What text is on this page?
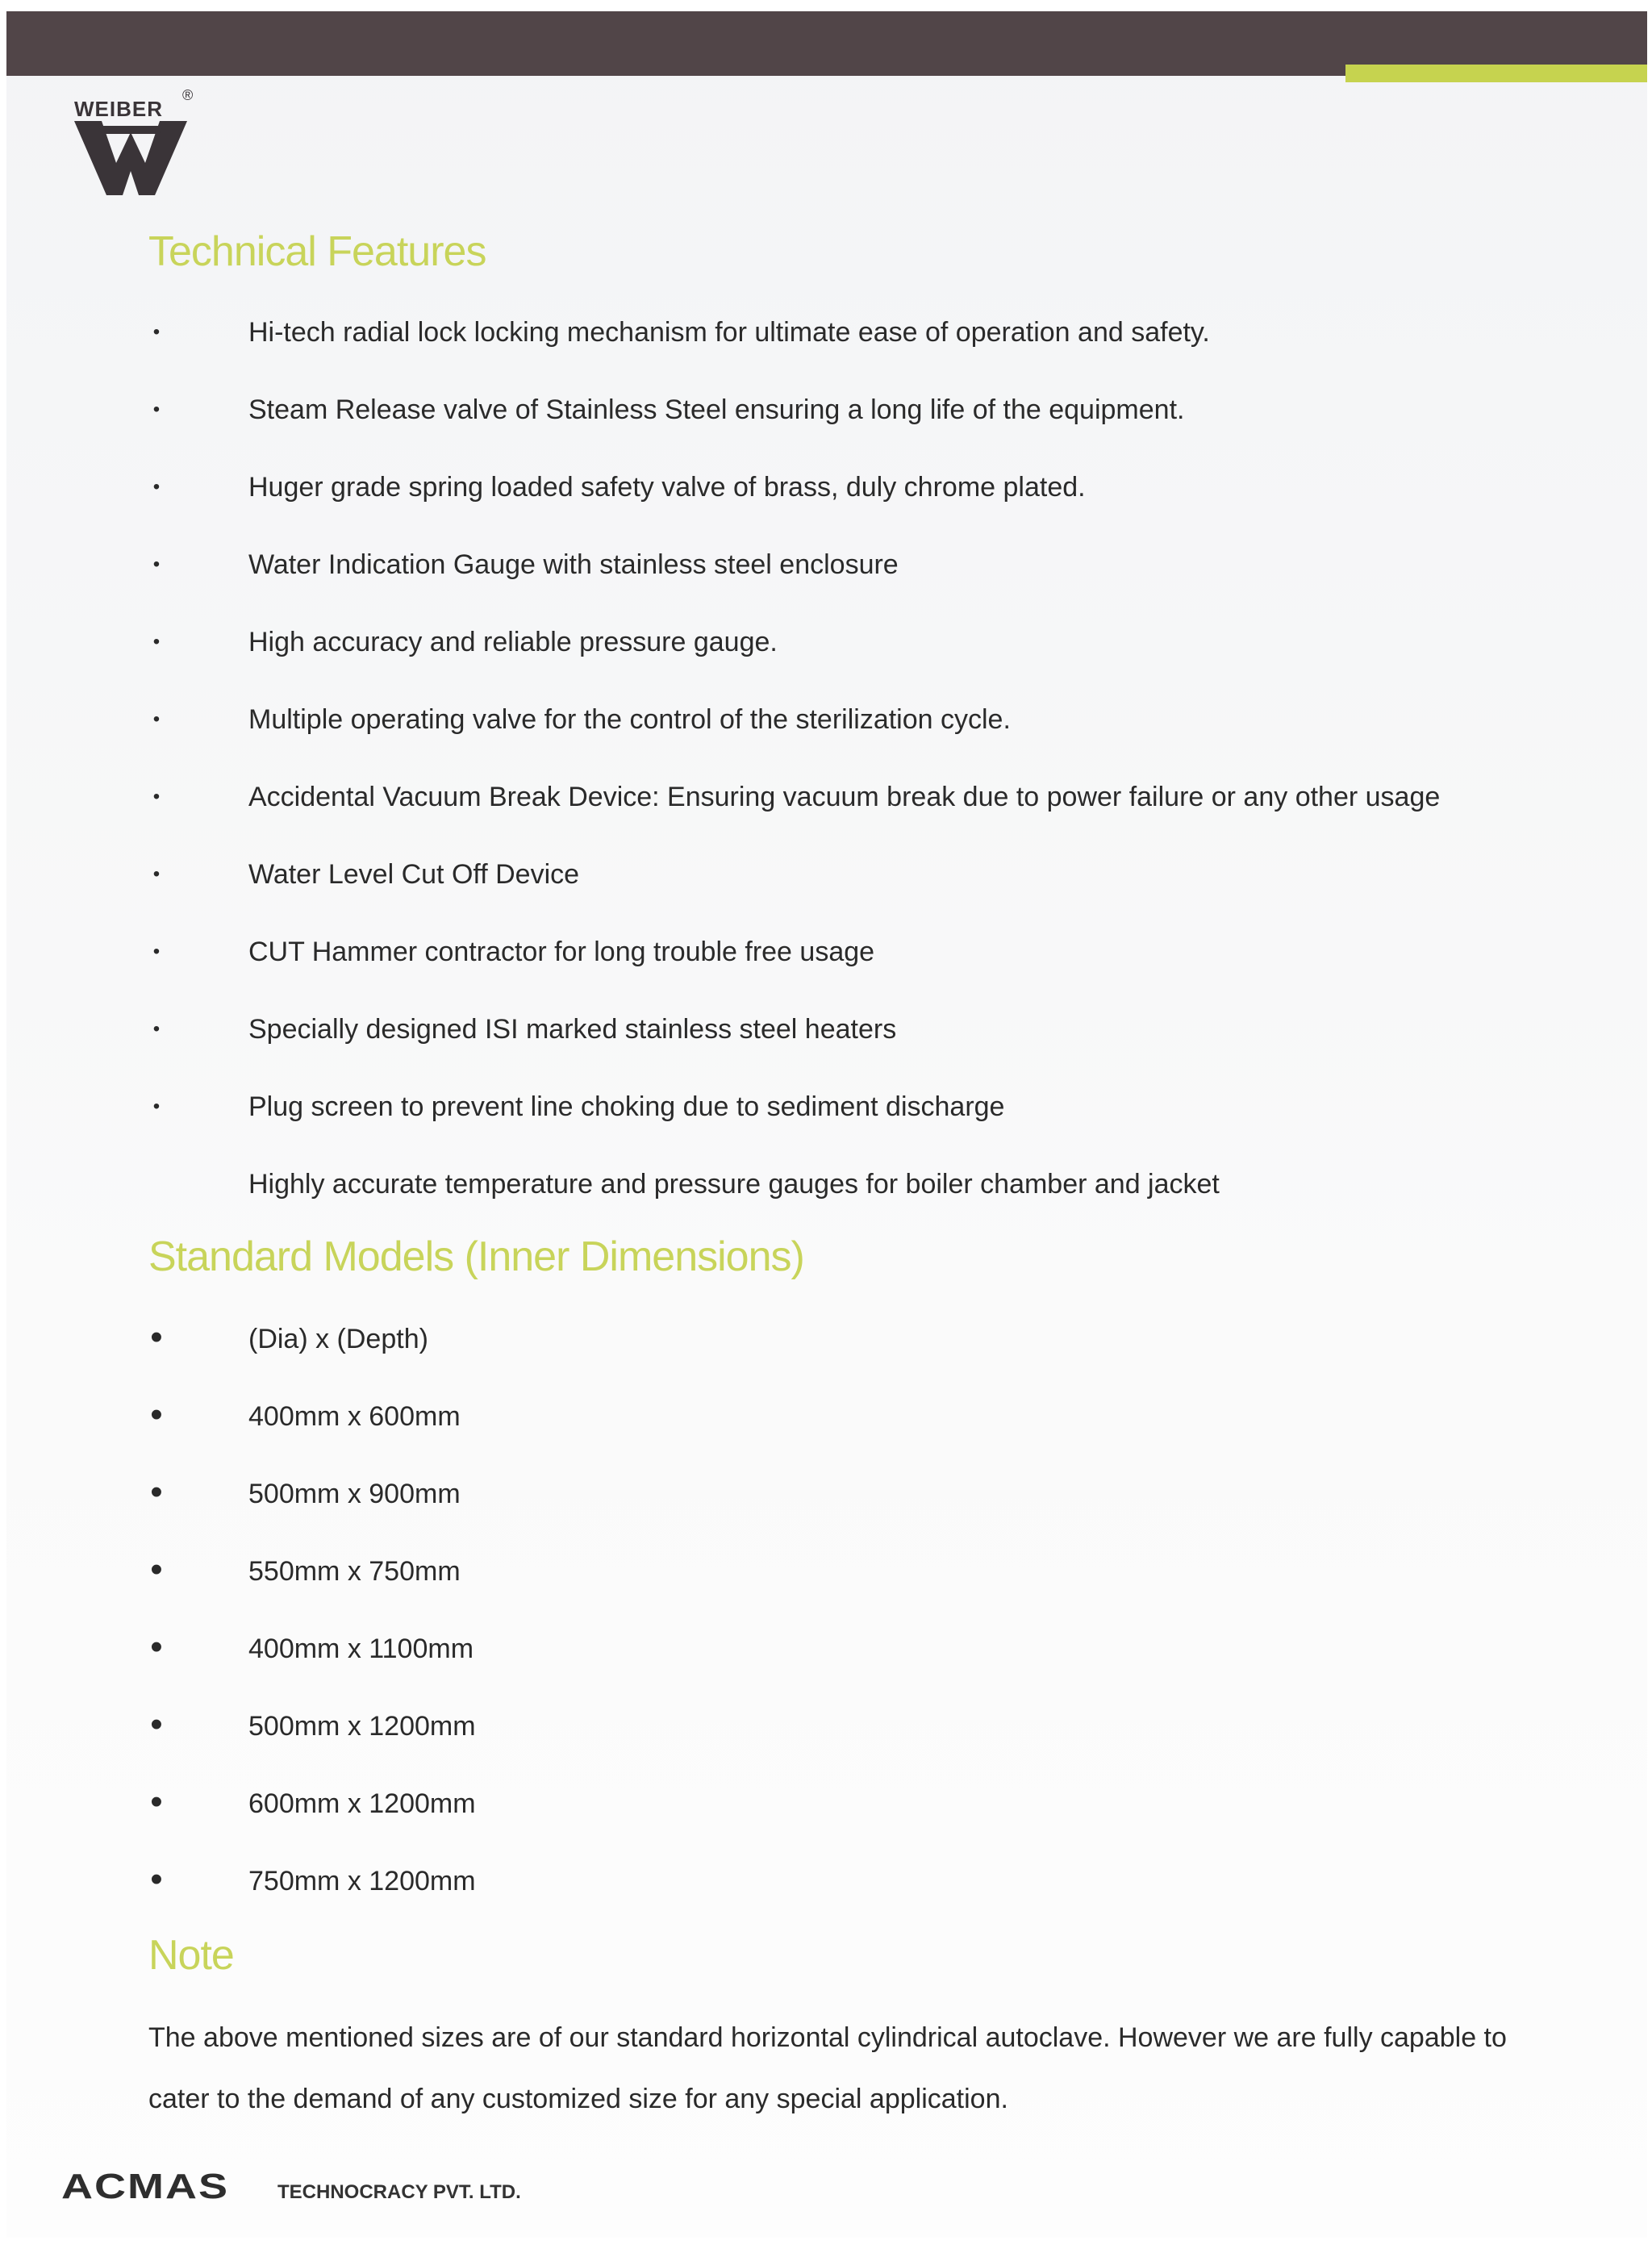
WEIBER
®
Technical Features
•	Hi-tech radial lock locking mechanism for ultimate ease of operation and safety.
•	Steam Release valve of Stainless Steel ensuring a long life of the equipment.
•	Huger grade spring loaded safety valve of brass, duly chrome plated.
•	Water Indication Gauge with stainless steel enclosure
•	High accuracy and reliable pressure gauge.
•	Multiple operating valve for the control of the sterilization cycle.
•	Accidental Vacuum Break Device: Ensuring vacuum break due to power failure or any other usage
•	Water Level Cut Off Device
•	CUT Hammer contractor for long trouble free usage
•	Specially designed ISI marked stainless steel heaters
•	Plug screen to prevent line choking due to sediment discharge
Highly accurate temperature and pressure gauges for boiler chamber and jacket
Standard Models (Inner Dimensions)
•	(Dia) x (Depth)
•	400mm x 600mm
•	500mm x 900mm
•	550mm x 750mm
•	400mm x 1100mm
•	500mm x 1200mm
•	600mm x 1200mm
•	750mm x 1200mm
Note

The above mentioned sizes are of our standard horizontal cylindrical autoclave. However we are fully capable to cater to the demand of any customized size for any special application.

ACMAS	TECHNOCRACY PVT. LTD.
